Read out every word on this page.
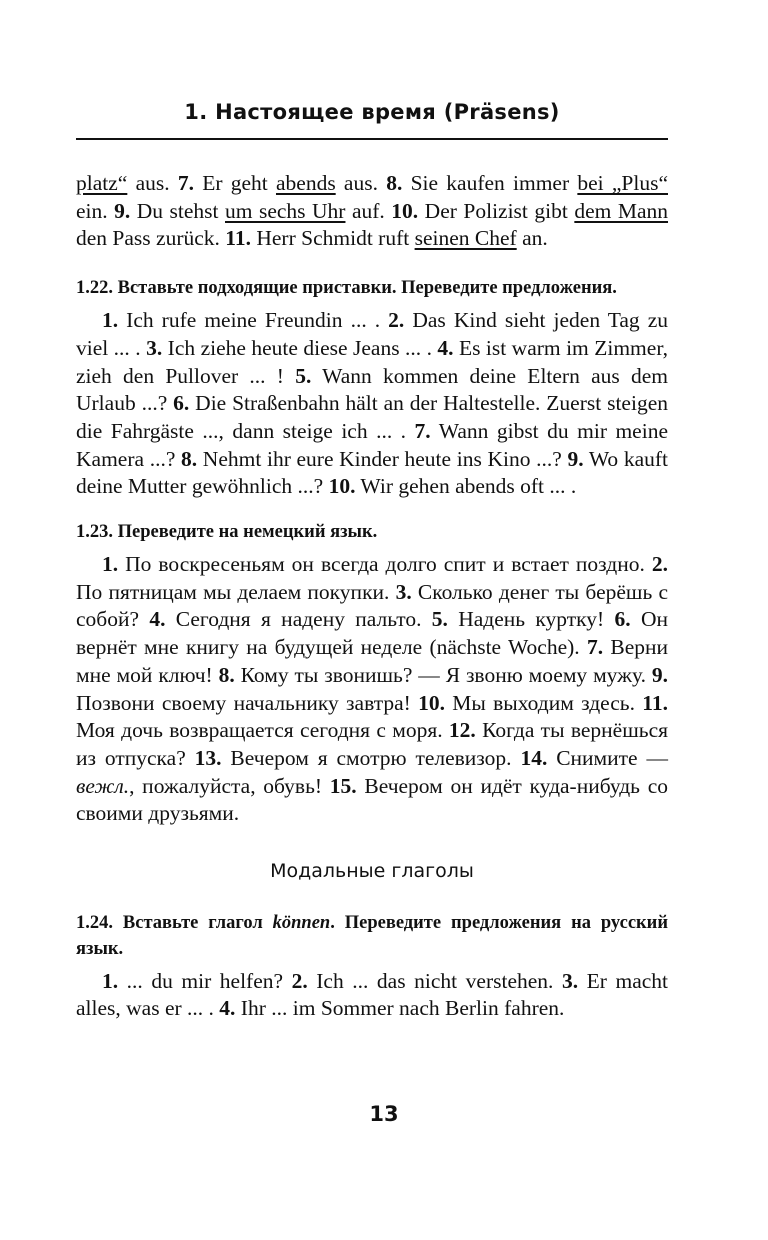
1. Настоящее время (Präsens)

platz“ aus. 7. Er geht abends aus. 8. Sie kaufen immer bei „Plus“ ein. 9. Du stehst um sechs Uhr auf. 10. Der Polizist gibt dem Mann den Pass zurück. 11. Herr Schmidt ruft seinen Chef an.

1.22. Вставьте подходящие приставки. Переведите предложения.

1. Ich rufe meine Freundin ... . 2. Das Kind sieht jeden Tag zu viel ... . 3. Ich ziehe heute diese Jeans ... . 4. Es ist warm im Zimmer, zieh den Pullover ... ! 5. Wann kommen deine Eltern aus dem Urlaub ...? 6. Die Straßenbahn hält an der Haltestelle. Zuerst steigen die Fahrgäste ..., dann steige ich ... . 7. Wann gibst du mir meine Kamera ...? 8. Nehmt ihr eure Kinder heute ins Kino ...? 9. Wo kauft deine Mutter gewöhnlich ...? 10. Wir gehen abends oft ... .

1.23. Переведите на немецкий язык.

1. По воскресеньям он всегда долго спит и встает поздно. 2. По пятницам мы делаем покупки. 3. Сколько денег ты берёшь с собой? 4. Сегодня я надену пальто. 5. Надень куртку! 6. Он вернёт мне книгу на будущей неделе (nächste Woche). 7. Верни мне мой ключ! 8. Кому ты звонишь? — Я звоню моему мужу. 9. Позвони своему начальнику завтра! 10. Мы выходим здесь. 11. Моя дочь возвращается сегодня с моря. 12. Когда ты вернёшься из отпуска? 13. Вечером я смотрю телевизор. 14. Снимите — вежл., пожалуйста, обувь! 15. Вечером он идёт куда-нибудь со своими друзьями.

Модальные глаголы

1.24. Вставьте глагол können. Переведите предложения на русский язык.

1. ... du mir helfen? 2. Ich ... das nicht verstehen. 3. Er macht alles, was er ... . 4. Ihr ... im Sommer nach Berlin fahren.

13
